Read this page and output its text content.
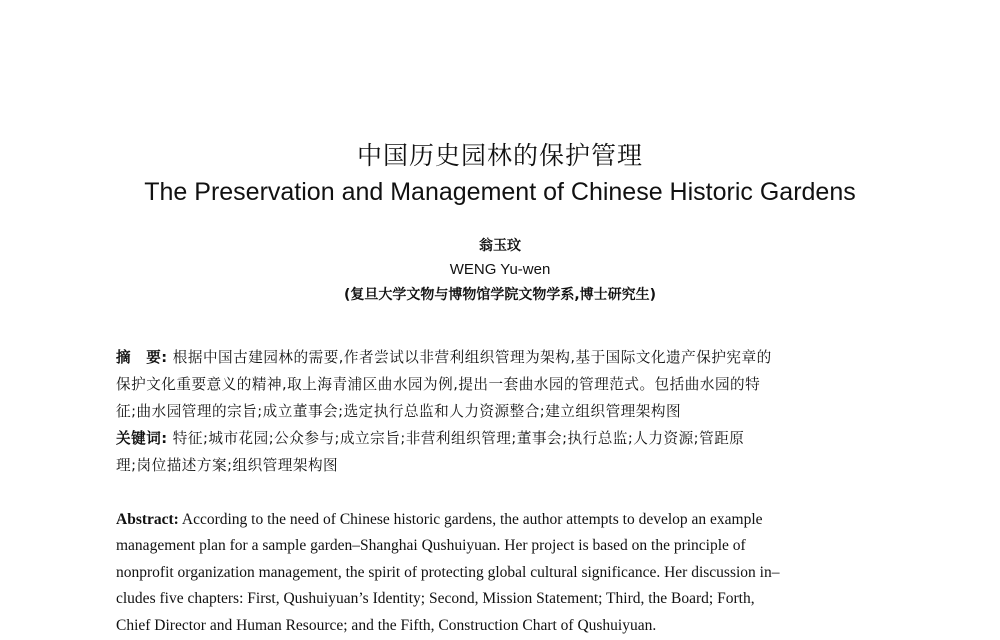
中国历史园林的保护管理
The Preservation and Management of Chinese Historic Gardens
翁玉玟
WENG Yu-wen
(复旦大学文物与博物馆学院文物学系,博士研究生)
摘　要: 根据中国古建园林的需要,作者尝试以非营利组织管理为架构,基于国际文化遗产保护宪章的
保护文化重要意义的精神,取上海青浦区曲水园为例,提出一套曲水园的管理范式。包括曲水园的特
征;曲水园管理的宗旨;成立董事会;选定执行总监和人力资源整合;建立组织管理架构图
关键词: 特征;城市花园;公众参与;成立宗旨;非营利组织管理;董事会;执行总监;人力资源;管距原
理;岗位描述方案;组织管理架构图
Abstract: According to the need of Chinese historic gardens, the author attempts to develop an example
management plan for a sample garden–Shanghai Qushuiyuan. Her project is based on the principle of
nonprofit organization management, the spirit of protecting global cultural significance. Her discussion in–
cludes five chapters: First, Qushuiyuan’s Identity; Second, Mission Statement; Third, the Board; Forth,
Chief Director and Human Resource; and the Fifth, Construction Chart of Qushuiyuan.
